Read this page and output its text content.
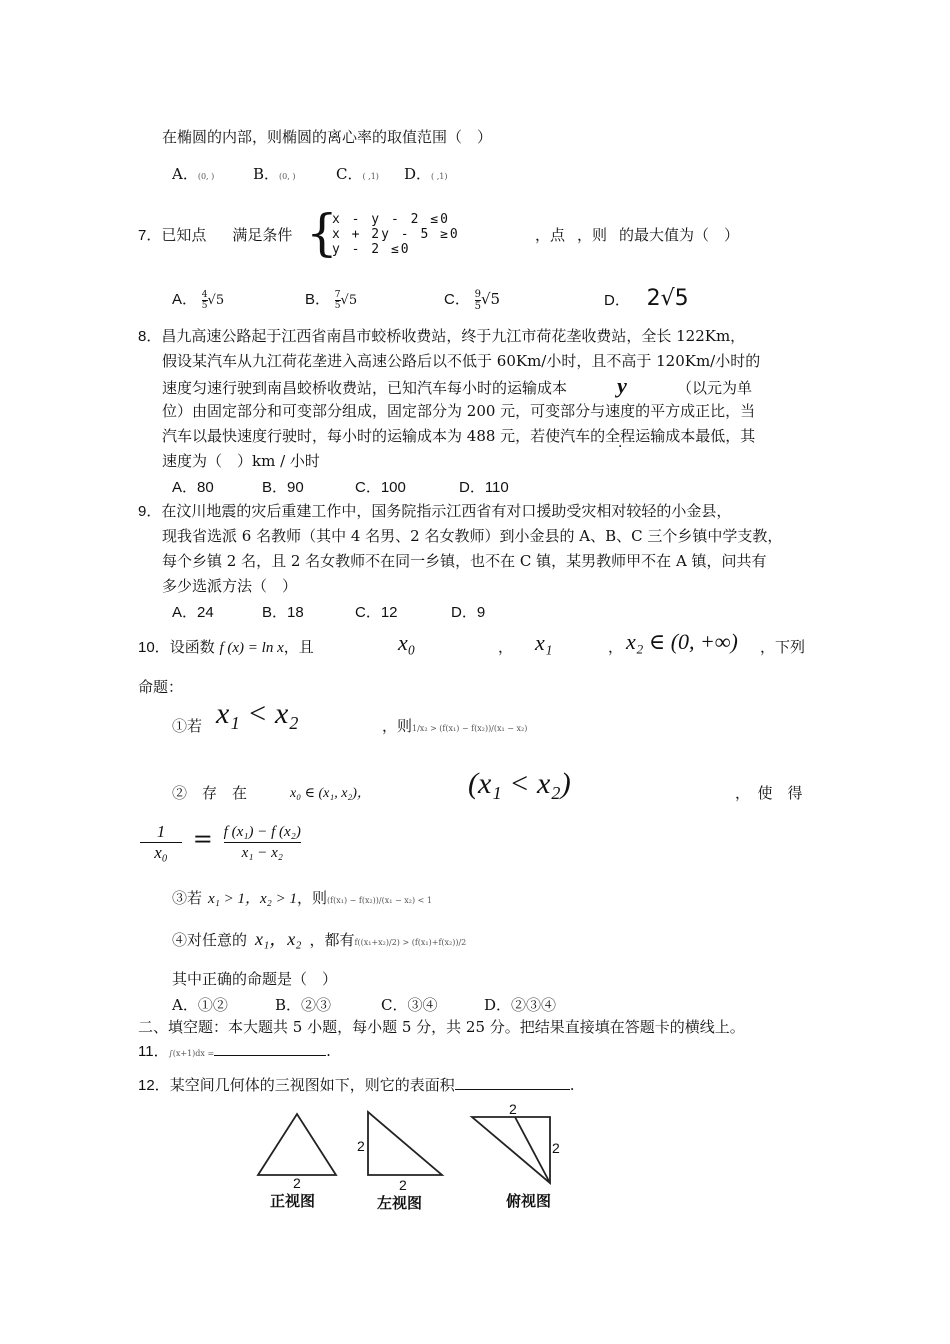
在椭圆的内部，则椭圆的离心率的取值范围（　）
A．(0, )	B．(0, )	C．( ,1) D．( ,1)
7．已知点 满足条件 {
x - y - 2 ≤0
x + 2y - 5 ≥0
y - 2 ≤0
，点 ，则 的最大值为（　）
A． $\frac{4}{5} √5$	B． $\frac{7}{5} √5$	C． $\frac{9}{5} √5$	D． 2√5
8．昌九高速公路起于江西省南昌市蛟桥收费站，终于九江市荷花垄收费站，全长 122Km，
假设某汽车从九江荷花垄进入高速公路后以不低于 60Km/小时，且不高于 120Km/小时的
速度匀速行驶到南昌蛟桥收费站，已知汽车每小时的运输成本 y	（以元为单
位）由固定部分和可变部分组成，固定部分为 200 元，可变部分与速度的平方成正比，当
汽车以最快速度行驶时，每小时的运输成本为 488 元，若使汽车的全程运输成本最低，其
速度为（　）km / 小时
A．80	B．90	C．100	D．110
9．在汶川地震的灾后重建工作中，国务院指示江西省有对口援助受灾相对较轻的小金县，
现我省选派 6 名教师（其中 4 名男、2 名女教师）到小金县的 A、B、C 三个乡镇中学支教，
每个乡镇 2 名，且 2 名女教师不在同一乡镇，也不在 C 镇，某男教师甲不在 A 镇，问共有
多少选派方法（　）
A．24	B．18	C．12	D．9
10．设函数 f (x) = ln x，且	x₀	， x₁	， x₂ ∈ (0, +∞) ，下列
命题：
①若 x₁ < x₂	，则1/x₂ > (f(x₁) − f(x₂))/(x₁ − x₂)
②　存　在	x₀ ∈ (x₁, x₂)，	(x₁ < x₂)	，　使　得
$\frac{1}{\text{x₀}} = \frac{\text{f (x₁) − f (x₂)}}{\text{x₁ − x₂}}$
③若 x₁ > 1，x₂ > 1，则(f(x₁) − f(x₂))/(x₁ − x₂) < 1
④对任意的 x₁，x₂ ，都有f((x₁+x₂)/2) > (f(x₁)+f(x₂))/2
其中正确的命题是（　）
A．①②	B．②③	C．③④	D．②③④
二、填空题：本大题共 5 小题，每小题 5 分，共 25 分。把结果直接填在答题卡的横线上。
11．∫(x+1)dx =	.
12．某空间几何体的三视图如下，则它的表面积	.
2
2
2
2
2
正视图	左视图	俯视图
